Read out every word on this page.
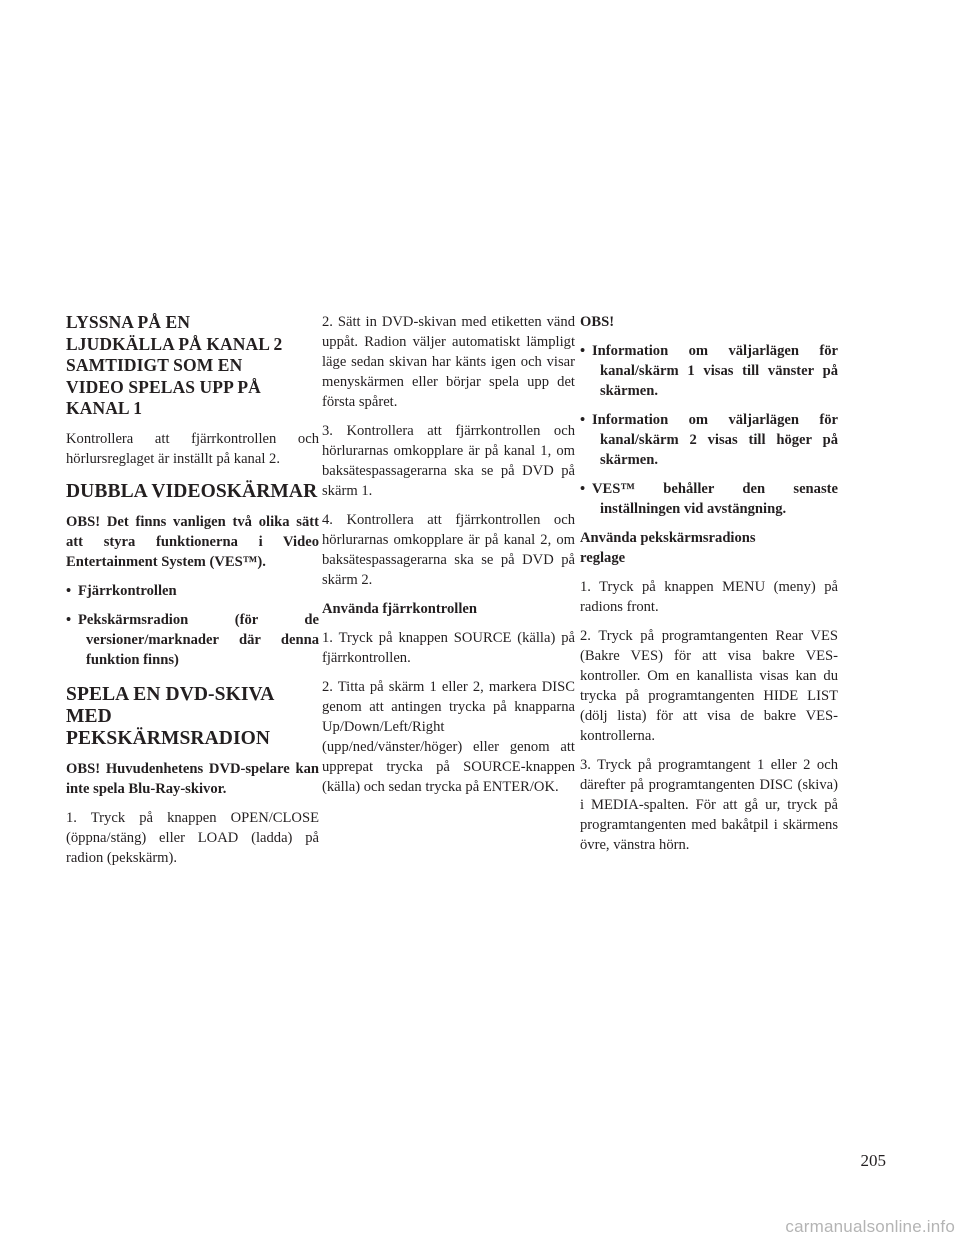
LYSSNA PÅ EN
LJUDKÄLLA PÅ KANAL 2
SAMTIDIGT SOM EN
VIDEO SPELAS UPP PÅ
KANAL 1
Kontrollera att fjärrkontrollen och hörlursreglaget är inställt på kanal 2.
DUBBLA VIDEOSKÄRMAR
OBS! Det finns vanligen två olika sätt att styra funktionerna i Video Entertainment System (VES™).
• Fjärrkontrollen
• Pekskärmsradion (för de versioner/marknader där denna funktion finns)
SPELA EN DVD-SKIVA
MED PEKSKÄRMSRADION
OBS! Huvudenhetens DVD-spelare kan inte spela Blu-Ray-skivor.
1. Tryck på knappen OPEN/CLOSE (öppna/stäng) eller LOAD (ladda) på radion (pekskärm).
2. Sätt in DVD-skivan med etiketten vänd uppåt. Radion väljer automatiskt lämpligt läge sedan skivan har känts igen och visar menyskärmen eller börjar spela upp det första spåret.
3. Kontrollera att fjärrkontrollen och hörlurarnas omkopplare är på kanal 1, om baksätespassagerarna ska se på DVD på skärm 1.
4. Kontrollera att fjärrkontrollen och hörlurarnas omkopplare är på kanal 2, om baksätespassagerarna ska se på DVD på skärm 2.
Använda fjärrkontrollen
1. Tryck på knappen SOURCE (källa) på fjärrkontrollen.
2. Titta på skärm 1 eller 2, markera DISC genom att antingen trycka på knapparna Up/Down/Left/Right (upp/ned/vänster/höger) eller genom att upprepat trycka på SOURCE-knappen (källa) och sedan trycka på ENTER/OK.
OBS!
• Information om väljarlägen för kanal/skärm 1 visas till vänster på skärmen.
• Information om väljarlägen för kanal/skärm 2 visas till höger på skärmen.
• VES™ behåller den senaste inställningen vid avstängning.
Använda pekskärmsradions
reglage
1. Tryck på knappen MENU (meny) på radions front.
2. Tryck på programtangenten Rear VES (Bakre VES) för att visa bakre VES-kontroller. Om en kanallista visas kan du trycka på programtangenten HIDE LIST (dölj lista) för att visa de bakre VES-kontrollerna.
3. Tryck på programtangent 1 eller 2 och därefter på programtangenten DISC (skiva) i MEDIA-spalten. För att gå ur, tryck på programtangenten med bakåtpil i skärmens övre, vänstra hörn.
205
carmanualsonline.info
